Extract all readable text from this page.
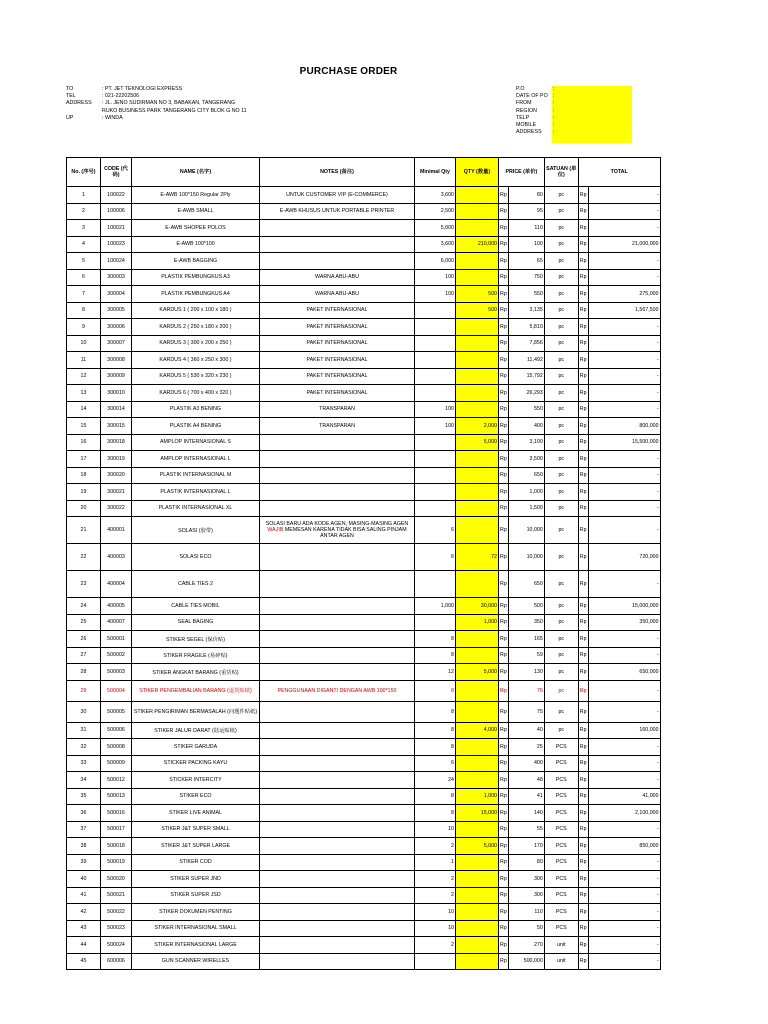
PURCHASE ORDER
TO	: PT. JET TEKNOLOGI EXPRESS
TEL	: 021-22202506
ADDRESS : JL. JENO SUDIRMAN NO 3, BABAKAN, TANGERANG
RUKO BUSINESS PARK TANGERANG CITY BLOK G NO 11
UP	: WINDA
P.O
DATE OF PO
FROM
REGION
TELP
MOBILE
ADDRESS
:
:
:
:
:
:
:
No. (序号)	CODE (代码)	NAME (名字)	NOTES (备注)	Minimal Qty	QTY (数量)	PRICE (单价)		SATUAN (单位)	TOTAL	
1	100022	E-AWB 100*150 Regular 2Ply	UNTUK CUSTOMER VIP (E-COMMERCE)	3,600		Rp	80	pc	Rp	-
2	100006	E-AWB SMALL	E-AWB KHUSUS UNTUK PORTABLE PRINTER	2,500		Rp	95	pc	Rp	-
3	100021	E-AWB SHOPEE POLOS		5,000		Rp	110	pc	Rp	-
4	100023	E-AWB 100*100		3,600	210,000	Rp	100	pc	Rp	21,000,000
5	100024	E-AWB BAGGING		6,000		Rp	65	pc	Rp	-
6	300003	PLASTIK PEMBUNGKUS A3	WARNA ABU-ABU	100		Rp	750	pc	Rp	-
7	300004	PLASTIK PEMBUNGKUS A4	WARNA ABU-ABU	100	500	Rp	550	pc	Rp	275,000
8	300005	KARDUS 1 ( 200 x 100 x 180 )	PAKET INTERNASIONAL		500	Rp	3,135	pc	Rp	1,567,500
9	300006	KARDUS 2 ( 250 x 180 x 200 )	PAKET INTERNASIONAL			Rp	5,810	pc	Rp	-
10	300007	KARDUS 3 ( 300 x 200 x 250 )	PAKET INTERNASIONAL			Rp	7,856	pc	Rp	-
11	300008	KARDUS 4 ( 360 x 250 x 300 )	PAKET INTERNASIONAL			Rp	11,492	pc	Rp	-
12	300009	KARDUS 5 ( 530 x 320 x 230 )	PAKET INTERNASIONAL			Rp	15,792	pc	Rp	-
13	300010	KARDUS 6 ( 700 x 400 x 320 )	PAKET INTERNASIONAL			Rp	26,293	pc	Rp	-
14	300014	PLASTIK A3 BENING	TRANSPARAN	100		Rp	550	pc	Rp	-
15	300015	PLASTIK A4 BENING	TRANSPARAN	100	2,000	Rp	400	pc	Rp	800,000
16	300018	AMPLOP INTERNASIONAL S			5,000	Rp	3,100	pc	Rp	15,500,000
17	300019	AMPLOP INTERNASIONAL L				Rp	3,500	pc	Rp	-
18	300020	PLASTIK INTERNASIONAL M				Rp	650	pc	Rp	-
19	300021	PLASTIK INTERNASIONAL L				Rp	1,000	pc	Rp	-
20	300022	PLASTIK INTERNASIONAL XL				Rp	1,500	pc	Rp	-
21	400001	SOLASI (胶带)	SOLASI BARU ADA KODE AGEN, MASING-MASING AGEN WAJIB MEMESAN KARENA TIDAK BISA SALING PINJAM ANTAR AGEN	6		Rp	10,000	pc	Rp	-
22	400003	SOLASI ECO		6	72	Rp	10,000	pc	Rp	720,000
23	400004	CABLE TIES 2				Rp	650	pc	Rp	-
24	400005	CABLE TIES MOBIL		1,000	30,000	Rp	500	pc	Rp	15,000,000
25	400007	SEAL BAGING			1,000	Rp	350	pc	Rp	350,000
26	500001	STIKER SEGEL (保价贴)		8		Rp	165	pc	Rp	-
27	500002	STIKER FRAGILE (易碎贴)		8		Rp	59	pc	Rp	-
28	500003	STIKER ANGKAT BARANG (重货贴)		12	5,000	Rp	130	pc	Rp	650,000
29	500004	STIKER PENGEMBALIAN BARANG (退货贴纸)	PENGGUNAAN DIGANTI DENGAN AWB 100*150	8		Rp	75	pc	Rp	-
30	500005	STIKER PENGIRIMAN BERMASALAH (问题件贴纸)		8		Rp	75	pc	Rp	-
31	500006	STIKER JALUR DARAT (陆运贴纸)		8	4,000	Rp	40	pc	Rp	160,000
32	500008	STIKER GARUDA		8		Rp	25	PCS	Rp	-
33	500009	STICKER PACKING KAYU		6		Rp	400	PCS	Rp	-
34	500012	STICKER INTERCITY		24		Rp	48	PCS	Rp	-
35	500013	STIKER ECO		8	1,000	Rp	41	PCS	Rp	41,000
36	500016	STIKER LIVE ANIMAL		8	15,000	Rp	140	PCS	Rp	2,100,000
37	500017	STIKER J&T SUPER SMALL		10		Rp	55	PCS	Rp	-
38	500018	STIKER J&T SUPER LARGE		2	5,000	Rp	170	PCS	Rp	850,000
39	500019	STIKER COD		1		Rp	80	PCS	Rp	-
40	500020	STIKER SUPER JND		2		Rp	300	PCS	Rp	-
41	500021	STIKER SUPER JSD		2		Rp	300	PCS	Rp	-
42	500022	STIKER DOKUMEN PENTING		10		Rp	110	PCS	Rp	-
43	500023	STIKER INTERNASIONAL SMALL		10		Rp	50	PCS	Rp	-
44	500024	STIKER INTERNASIONAL LARGE		2		Rp	270	unit	Rp	-
45	600006	GUN SCANNER WIRELLES				Rp	500,000	unit	Rp	-
